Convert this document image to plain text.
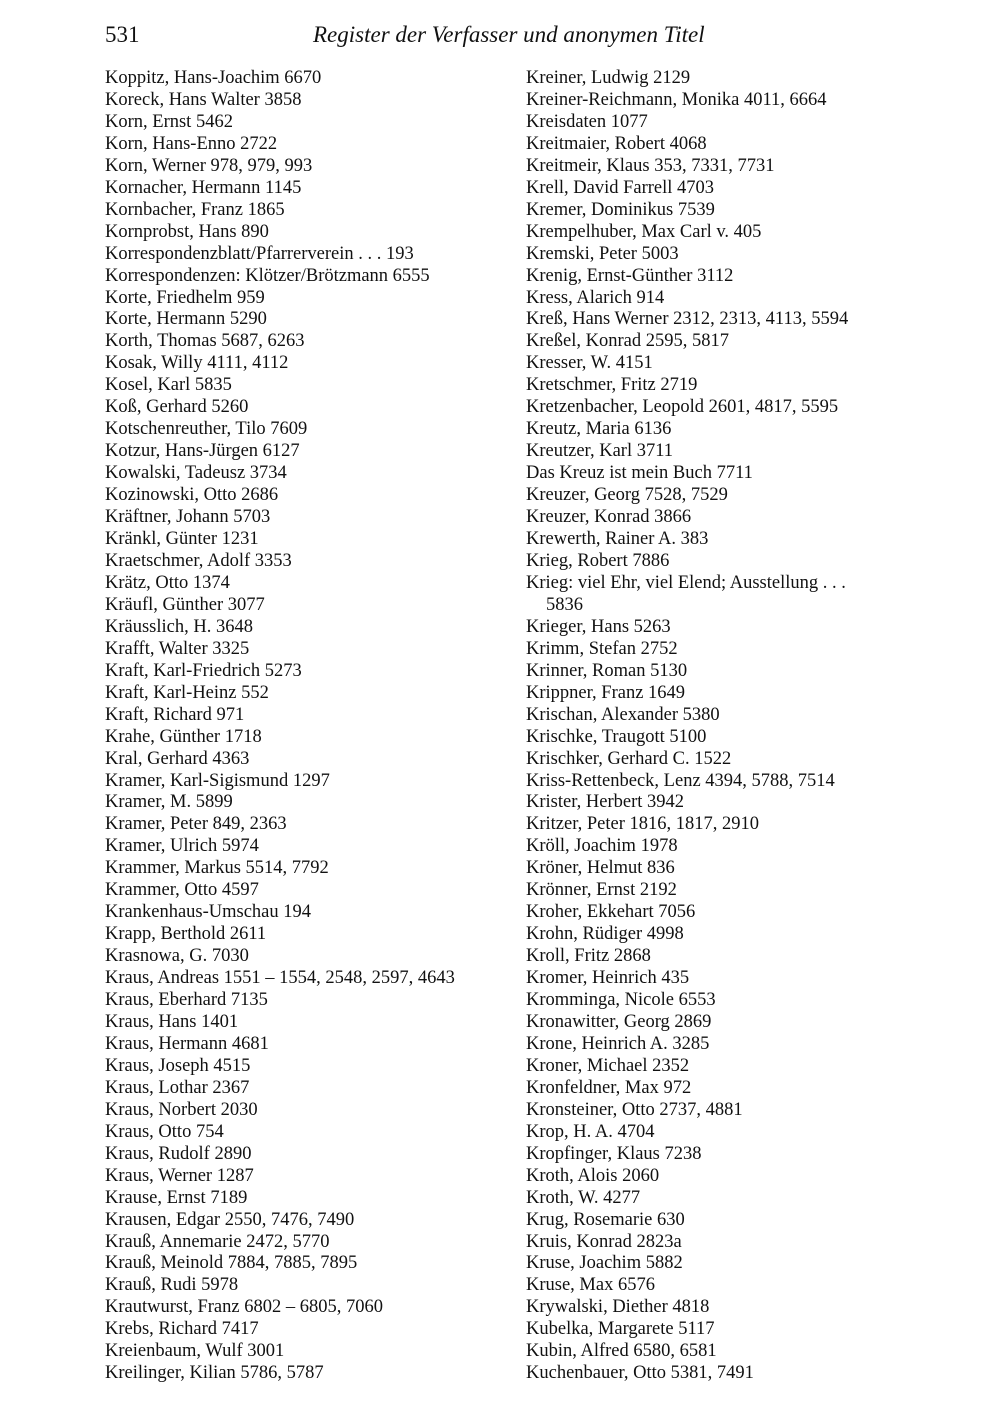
531	Register der Verfasser und anonymen Titel
Koppitz, Hans-Joachim 6670
Koreck, Hans Walter 3858
Korn, Ernst 5462
Korn, Hans-Enno 2722
Korn, Werner 978, 979, 993
Kornacher, Hermann 1145
Kornbacher, Franz 1865
Kornprobst, Hans 890
Korrespondenzblatt/Pfarrerverein . . . 193
Korrespondenzen: Klötzer/Brötzmann 6555
Korte, Friedhelm 959
Korte, Hermann 5290
Korth, Thomas 5687, 6263
Kosak, Willy 4111, 4112
Kosel, Karl 5835
Koß, Gerhard 5260
Kotschenreuther, Tilo 7609
Kotzur, Hans-Jürgen 6127
Kowalski, Tadeusz 3734
Kozinowski, Otto 2686
Kräftner, Johann 5703
Kränkl, Günter 1231
Kraetschmer, Adolf 3353
Krätz, Otto 1374
Kräufl, Günther 3077
Kräusslich, H. 3648
Krafft, Walter 3325
Kraft, Karl-Friedrich 5273
Kraft, Karl-Heinz 552
Kraft, Richard 971
Krahe, Günther 1718
Kral, Gerhard 4363
Kramer, Karl-Sigismund 1297
Kramer, M. 5899
Kramer, Peter 849, 2363
Kramer, Ulrich 5974
Krammer, Markus 5514, 7792
Krammer, Otto 4597
Krankenhaus-Umschau 194
Krapp, Berthold 2611
Krasnowa, G. 7030
Kraus, Andreas 1551 – 1554, 2548, 2597, 4643
Kraus, Eberhard 7135
Kraus, Hans 1401
Kraus, Hermann 4681
Kraus, Joseph 4515
Kraus, Lothar 2367
Kraus, Norbert 2030
Kraus, Otto 754
Kraus, Rudolf 2890
Kraus, Werner 1287
Krause, Ernst 7189
Krausen, Edgar 2550, 7476, 7490
Krauß, Annemarie 2472, 5770
Krauß, Meinold 7884, 7885, 7895
Krauß, Rudi 5978
Krautwurst, Franz 6802 – 6805, 7060
Krebs, Richard 7417
Kreienbaum, Wulf 3001
Kreilinger, Kilian 5786, 5787
Kreiner, Ludwig 2129
Kreiner-Reichmann, Monika 4011, 6664
Kreisdaten 1077
Kreitmaier, Robert 4068
Kreitmeir, Klaus 353, 7331, 7731
Krell, David Farrell 4703
Kremer, Dominikus 7539
Krempelhuber, Max Carl v. 405
Kremski, Peter 5003
Krenig, Ernst-Günther 3112
Kress, Alarich 914
Kreß, Hans Werner 2312, 2313, 4113, 5594
Kreßel, Konrad 2595, 5817
Kresser, W. 4151
Kretschmer, Fritz 2719
Kretzenbacher, Leopold 2601, 4817, 5595
Kreutz, Maria 6136
Kreutzer, Karl 3711
Das Kreuz ist mein Buch 7711
Kreuzer, Georg 7528, 7529
Kreuzer, Konrad 3866
Krewerth, Rainer A. 383
Krieg, Robert 7886
Krieg: viel Ehr, viel Elend; Ausstellung . . .
5836
Krieger, Hans 5263
Krimm, Stefan 2752
Krinner, Roman 5130
Krippner, Franz 1649
Krischan, Alexander 5380
Krischke, Traugott 5100
Krischker, Gerhard C. 1522
Kriss-Rettenbeck, Lenz 4394, 5788, 7514
Krister, Herbert 3942
Kritzer, Peter 1816, 1817, 2910
Kröll, Joachim 1978
Kröner, Helmut 836
Krönner, Ernst 2192
Kroher, Ekkehart 7056
Krohn, Rüdiger 4998
Kroll, Fritz 2868
Kromer, Heinrich 435
Kromminga, Nicole 6553
Kronawitter, Georg 2869
Krone, Heinrich A. 3285
Kroner, Michael 2352
Kronfeldner, Max 972
Kronsteiner, Otto 2737, 4881
Krop, H. A. 4704
Kropfinger, Klaus 7238
Kroth, Alois 2060
Kroth, W. 4277
Krug, Rosemarie 630
Kruis, Konrad 2823a
Kruse, Joachim 5882
Kruse, Max 6576
Krywalski, Diether 4818
Kubelka, Margarete 5117
Kubin, Alfred 6580, 6581
Kuchenbauer, Otto 5381, 7491
